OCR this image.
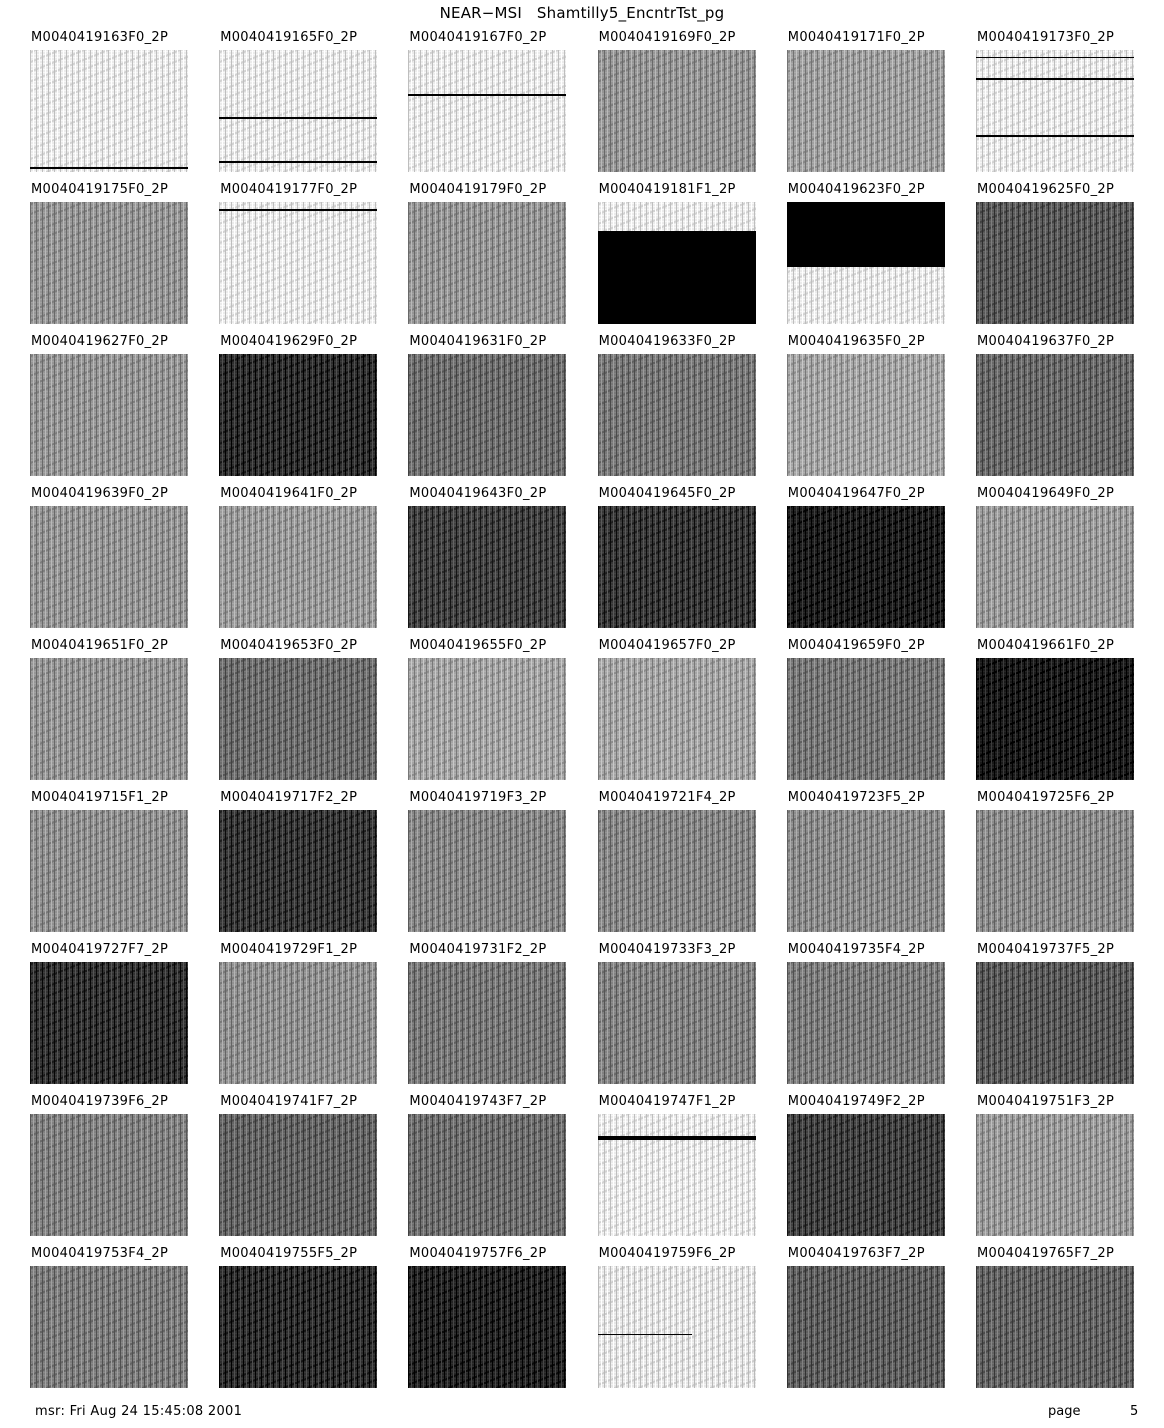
NEAR−MSI   Shamtilly5_EncntrTst_pg
M0040419163F0_2P	M0040419165F0_2P	M0040419167F0_2P	M0040419169F0_2P	M0040419171F0_2P	M0040419173F0_2P
M0040419175F0_2P	M0040419177F0_2P	M0040419179F0_2P	M0040419181F1_2P	M0040419623F0_2P	M0040419625F0_2P
M0040419627F0_2P	M0040419629F0_2P	M0040419631F0_2P	M0040419633F0_2P	M0040419635F0_2P	M0040419637F0_2P
M0040419639F0_2P	M0040419641F0_2P	M0040419643F0_2P	M0040419645F0_2P	M0040419647F0_2P	M0040419649F0_2P
M0040419651F0_2P	M0040419653F0_2P	M0040419655F0_2P	M0040419657F0_2P	M0040419659F0_2P	M0040419661F0_2P
M0040419715F1_2P	M0040419717F2_2P	M0040419719F3_2P	M0040419721F4_2P	M0040419723F5_2P	M0040419725F6_2P
M0040419727F7_2P	M0040419729F1_2P	M0040419731F2_2P	M0040419733F3_2P	M0040419735F4_2P	M0040419737F5_2P
M0040419739F6_2P	M0040419741F7_2P	M0040419743F7_2P	M0040419747F1_2P	M0040419749F2_2P	M0040419751F3_2P
M0040419753F4_2P	M0040419755F5_2P	M0040419757F6_2P	M0040419759F6_2P	M0040419763F7_2P	M0040419765F7_2P
msr: Fri Aug 24 15:45:08 2001	page	5
